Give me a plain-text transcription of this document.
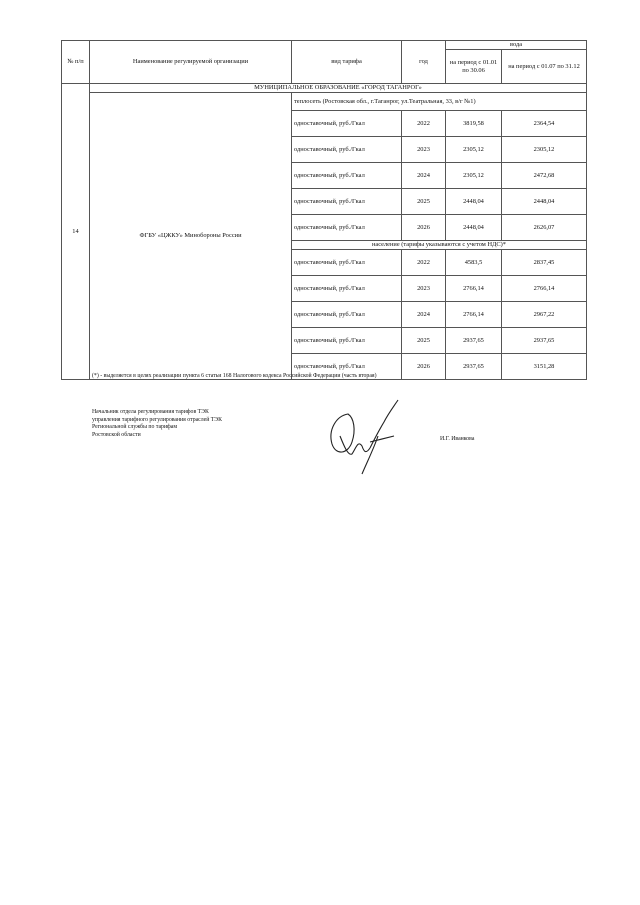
№ п/п	Наименование регулируемой организации	вид тарифа	год	вода	
				на период с 01.01 по 30.06	на период с 01.07 по 31.12
14	МУНИЦИПАЛЬНОЕ ОБРАЗОВАНИЕ «ГОРОД ТАГАНРОГ»				
	ФГБУ «ЦЖКУ» Минобороны России	теплосеть (Ростовская обл., г.Таганрог, ул.Театральная, 33, в/г №1)			
		одноставочный, руб./Гкал	2022	3819,58	2364,54
		одноставочный, руб./Гкал	2023	2305,12	2305,12
		одноставочный, руб./Гкал	2024	2305,12	2472,68
		одноставочный, руб./Гкал	2025	2448,04	2448,04
		одноставочный, руб./Гкал	2026	2448,04	2626,07
		население (тарифы указываются с учетом НДС)*			
		одноставочный, руб./Гкал	2022	4583,5	2837,45
		одноставочный, руб./Гкал	2023	2766,14	2766,14
		одноставочный, руб./Гкал	2024	2766,14	2967,22
		одноставочный, руб./Гкал	2025	2937,65	2937,65
		одноставочный, руб./Гкал	2026	2937,65	3151,28
(*) - выделяется в целях реализации пункта 6 статьи 168 Налогового кодекса Российской Федерации (часть вторая)
Начальник отдела регулирования тарифов ТЭК
управления тарифного регулирования отраслей ТЭК
Региональной службы по тарифам
Ростовской области
И.Г. Иванкова
